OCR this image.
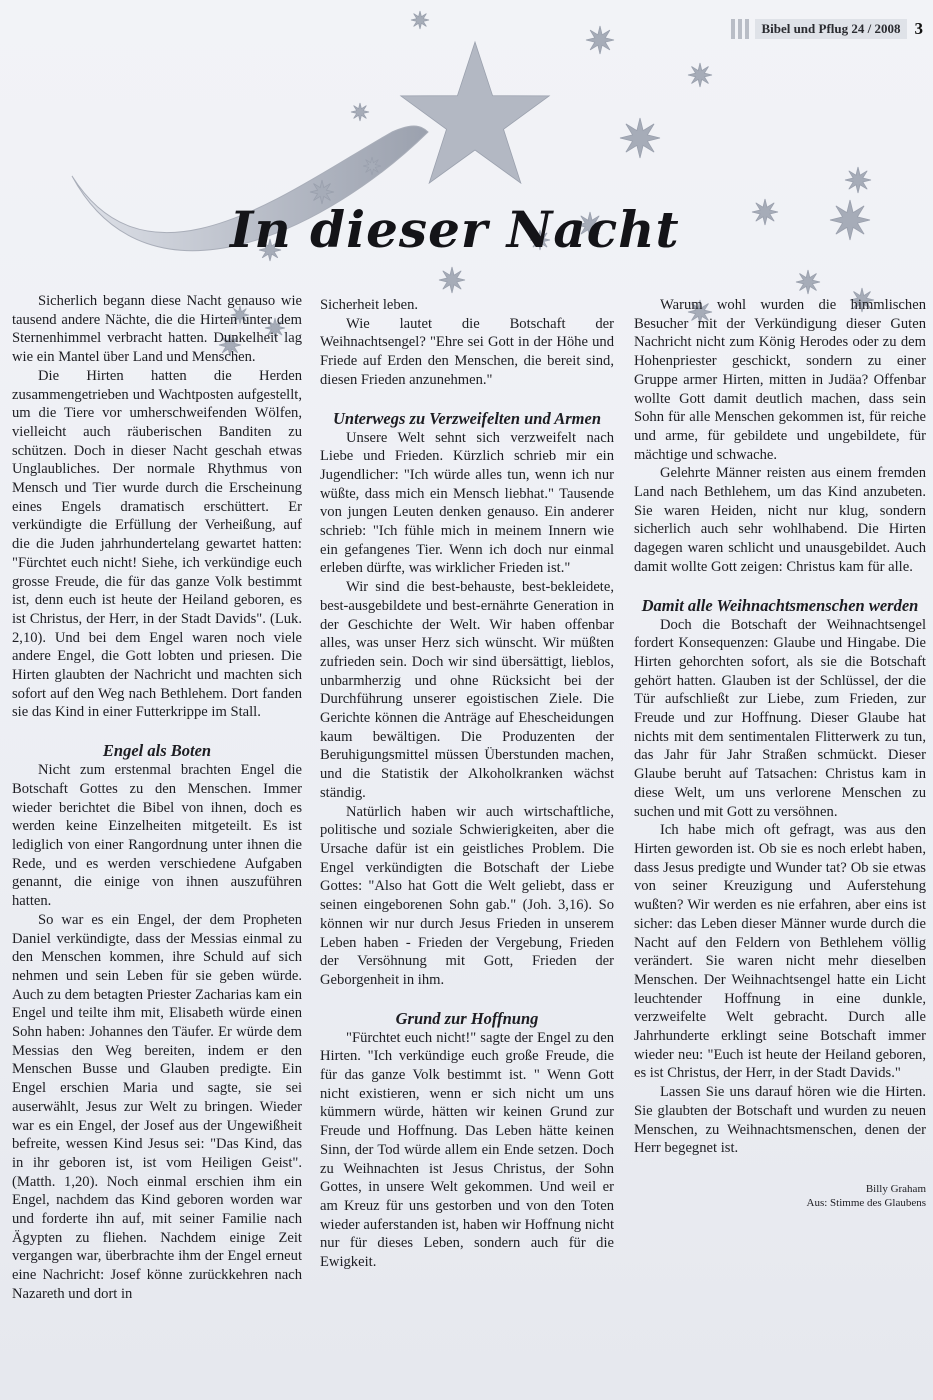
Bibel und Pflug 24 / 2008 3
In dieser Nacht

Sicherlich begann diese Nacht genauso wie tausend andere Nächte, die die Hirten unter dem Sternenhimmel verbracht hatten. Dunkelheit lag wie ein Mantel über Land und Menschen.

Die Hirten hatten die Herden zusammengetrieben und Wachtposten aufgestellt, um die Tiere vor umherschweifenden Wölfen, vielleicht auch räuberischen Banditen zu schützen. Doch in dieser Nacht geschah etwas Unglaubliches. Der normale Rhythmus von Mensch und Tier wurde durch die Erscheinung eines Engels dramatisch erschüttert. Er verkündigte die Erfüllung der Verheißung, auf die die Juden jahrhundertelang gewartet hatten: "Fürchtet euch nicht! Siehe, ich verkündige euch grosse Freude, die für das ganze Volk bestimmt ist, denn euch ist heute der Heiland geboren, es ist Christus, der Herr, in der Stadt Davids". (Luk. 2,10). Und bei dem Engel waren noch viele andere Engel, die Gott lobten und priesen. Die Hirten glaubten der Nachricht und machten sich sofort auf den Weg nach Bethlehem. Dort fanden sie das Kind in einer Futterkrippe im Stall.

Engel als Boten

Nicht zum erstenmal brachten Engel die Botschaft Gottes zu den Menschen. Immer wieder berichtet die Bibel von ihnen, doch es werden keine Einzelheiten mitgeteilt. Es ist lediglich von einer Rangordnung unter ihnen die Rede, und es werden verschiedene Aufgaben genannt, die einige von ihnen auszuführen hatten.

So war es ein Engel, der dem Propheten Daniel verkündigte, dass der Messias einmal zu den Menschen kommen, ihre Schuld auf sich nehmen und sein Leben für sie geben würde. Auch zu dem betagten Priester Zacharias kam ein Engel und teilte ihm mit, Elisabeth würde einen Sohn haben: Johannes den Täufer. Er würde dem Messias den Weg bereiten, indem er den Menschen Busse und Glauben predigte. Ein Engel erschien Maria und sagte, sie sei auserwählt, Jesus zur Welt zu bringen. Wieder war es ein Engel, der Josef aus der Ungewißheit befreite, wessen Kind Jesus sei: "Das Kind, das in ihr geboren ist, ist vom Heiligen Geist". (Matth. 1,20). Noch einmal erschien ihm ein Engel, nachdem das Kind geboren worden war und forderte ihn auf, mit seiner Familie nach Ägypten zu fliehen. Nachdem einige Zeit vergangen war, überbrachte ihm der Engel erneut eine Nachricht: Josef könne zurückkehren nach Nazareth und dort in

Sicherheit leben.

Wie lautet die Botschaft der Weihnachtsengel? "Ehre sei Gott in der Höhe und Friede auf Erden den Menschen, die bereit sind, diesen Frieden anzunehmen."

Unterwegs zu Verzweifelten und Armen

Unsere Welt sehnt sich verzweifelt nach Liebe und Frieden. Kürzlich schrieb mir ein Jugendlicher: "Ich würde alles tun, wenn ich nur wüßte, dass mich ein Mensch liebhat." Tausende von jungen Leuten denken genauso. Ein anderer schrieb: "Ich fühle mich in meinem Innern wie ein gefangenes Tier. Wenn ich doch nur einmal erleben dürfte, was wirklicher Frieden ist."

Wir sind die best-behauste, best-bekleidete, best-ausgebildete und best-ernährte Generation in der Geschichte der Welt. Wir haben offenbar alles, was unser Herz sich wünscht. Wir müßten zufrieden sein. Doch wir sind übersättigt, lieblos, unbarmherzig und ohne Rücksicht bei der Durchführung unserer egoistischen Ziele. Die Gerichte können die Anträge auf Ehescheidungen kaum bewältigen. Die Produzenten der Beruhigungsmittel müssen Überstunden machen, und die Statistik der Alkoholkranken wächst ständig.

Natürlich haben wir auch wirtschaftliche, politische und soziale Schwierigkeiten, aber die Ursache dafür ist ein geistliches Problem. Die Engel verkündigten die Botschaft der Liebe Gottes: "Also hat Gott die Welt geliebt, dass er seinen eingeborenen Sohn gab." (Joh. 3,16). So können wir nur durch Jesus Frieden in unserem Leben haben - Frieden der Vergebung, Frieden der Versöhnung mit Gott, Frieden der Geborgenheit in ihm.

Grund zur Hoffnung

"Fürchtet euch nicht!" sagte der Engel zu den Hirten. "Ich verkündige euch große Freude, die für das ganze Volk bestimmt ist. " Wenn Gott nicht existieren, wenn er sich nicht um uns kümmern würde, hätten wir keinen Grund zur Freude und Hoffnung. Das Leben hätte keinen Sinn, der Tod würde allem ein Ende setzen. Doch zu Weihnachten ist Jesus Christus, der Sohn Gottes, in unsere Welt gekommen. Und weil er am Kreuz für uns gestorben und von den Toten wieder auferstanden ist, haben wir Hoffnung nicht nur für dieses Leben, sondern auch für die Ewigkeit.

Warum wohl wurden die himmlischen Besucher mit der Verkündigung dieser Guten Nachricht nicht zum König Herodes oder zu dem Hohenpriester geschickt, sondern zu einer Gruppe armer Hirten, mitten in Judäa? Offenbar wollte Gott damit deutlich machen, dass sein Sohn für alle Menschen gekommen ist, für reiche und arme, für gebildete und ungebildete, für mächtige und schwache.

Gelehrte Männer reisten aus einem fremden Land nach Bethlehem, um das Kind anzubeten. Sie waren Heiden, nicht nur klug, sondern sicherlich auch sehr wohlhabend. Die Hirten dagegen waren schlicht und unausgebildet. Auch damit wollte Gott zeigen: Christus kam für alle.

Damit alle Weihnachtsmenschen werden

Doch die Botschaft der Weihnachtsengel fordert Konsequenzen: Glaube und Hingabe. Die Hirten gehorchten sofort, als sie die Botschaft gehört hatten. Glauben ist der Schlüssel, der die Tür aufschließt zur Liebe, zum Frieden, zur Freude und zur Hoffnung. Dieser Glaube hat nichts mit dem sentimentalen Flitterwerk zu tun, das Jahr für Jahr Straßen schmückt. Dieser Glaube beruht auf Tatsachen: Christus kam in diese Welt, um uns verlorene Menschen zu suchen und mit Gott zu versöhnen.

Ich habe mich oft gefragt, was aus den Hirten geworden ist. Ob sie es noch erlebt haben, dass Jesus predigte und Wunder tat? Ob sie etwas von seiner Kreuzigung und Auferstehung wußten? Wir werden es nie erfahren, aber eins ist sicher: das Leben dieser Männer wurde durch die Nacht auf den Feldern von Bethlehem völlig verändert. Sie waren nicht mehr dieselben Menschen. Der Weihnachtsengel hatte ein Licht leuchtender Hoffnung in eine dunkle, verzweifelte Welt gebracht. Durch alle Jahrhunderte erklingt seine Botschaft immer wieder neu: "Euch ist heute der Heiland geboren, es ist Christus, der Herr, in der Stadt Davids."

Lassen Sie uns darauf hören wie die Hirten. Sie glaubten der Botschaft und wurden zu neuen Menschen, zu Weihnachtsmenschen, denen der Herr begegnet ist.

Billy Graham
Aus: Stimme des Glaubens
